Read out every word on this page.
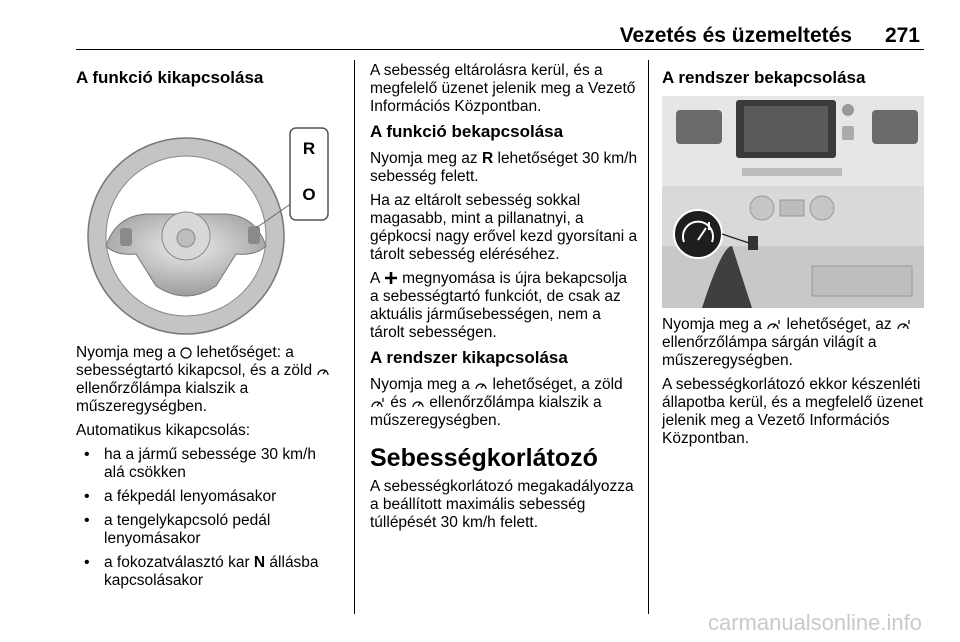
Vezetés és üzemeltetés 271
A funkció kikapcsolása
R
O

Nyomja meg a  lehetőséget: a sebességtartó kikapcsol, és a zöld  ellenőrzőlámpa kialszik a műszeregységben.

Automatikus kikapcsolás:

• ha a jármű sebessége 30 km/h alá csökken
• a fékpedál lenyomásakor
• a tengelykapcsoló pedál lenyomásakor
• a fokozatválasztó kar N állásba kapcsolásakor

A sebesség eltárolásra kerül, és a megfelelő üzenet jelenik meg a Vezető Információs Központban.

A funkció bekapcsolása

Nyomja meg az R lehetőséget 30 km/h sebesség felett.

Ha az eltárolt sebesség sokkal magasabb, mint a pillanatnyi, a gépkocsi nagy erővel kezd gyorsítani a tárolt sebesség eléréséhez.

A  megnyomása is újra bekapcsolja a sebességtartó funkciót, de csak az aktuális járműsebességen, nem a tárolt sebességen.

A rendszer kikapcsolása

Nyomja meg a  lehetőséget, a zöld  és  ellenőrzőlámpa kialszik a műszeregységben.

Sebességkorlátozó

A sebességkorlátozó megakadályozza a beállított maximális sebesség túllépését 30 km/h felett.

A rendszer bekapcsolása

Nyomja meg a  lehetőséget, az  ellenőrzőlámpa sárgán világít a műszeregységben.

A sebességkorlátozó ekkor készenléti állapotba kerül, és a megfelelő üzenet jelenik meg a Vezető Információs Központban.

carmanualsonline.info
